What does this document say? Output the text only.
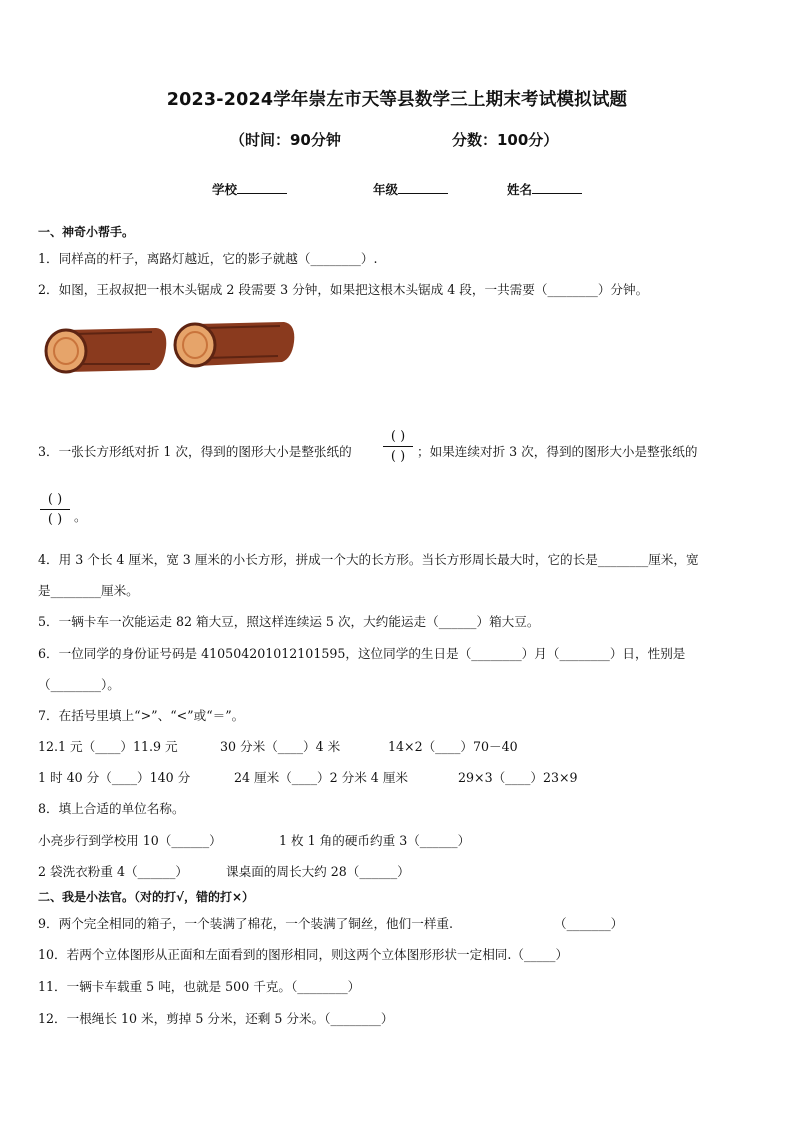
2023-2024学年崇左市天等县数学三上期末考试模拟试题
（时间：90分钟	分数：100分）
学校	年级	姓名
一、神奇小帮手。
1．同样高的杆子，离路灯越近，它的影子就越（________）.
2．如图，王叔叔把一根木头锯成 2 段需要 3 分钟，如果把这根木头锯成 4 段，一共需要（________）分钟。
3．一张长方形纸对折 1 次，得到的图形大小是整张纸的
( )
( ) ；如果连续对折 3 次，得到的图形大小是整张纸的
( )
( ) 。
4．用 3 个长 4 厘米，宽 3 厘米的小长方形，拼成一个大的长方形。当长方形周长最大时，它的长是________厘米，宽
是________厘米。
5．一辆卡车一次能运走 82 箱大豆，照这样连续运 5 次，大约能运走（______）箱大豆。
6．一位同学的身份证号码是 410504201012101595，这位同学的生日是（________）月（________）日，性别是
（________）。
7．在括号里填上“>”、“<”或“＝”。
12.1 元（____）11.9 元	30 分米（____）4 米	14×2（____）70－40
1 时 40 分（____）140 分	24 厘米（____）2 分米 4 厘米	29×3（____）23×9
8．填上合适的单位名称。
小亮步行到学校用 10（______）	1 枚 1 角的硬币约重 3（______）
2 袋洗衣粉重 4（______）	课桌面的周长大约 28（______）
二、我是小法官。（对的打√，错的打×）
9．两个完全相同的箱子，一个装满了棉花，一个装满了铜丝，他们一样重.	（_______）
10．若两个立体图形从正面和左面看到的图形相同，则这两个立体图形形状一定相同.（_____）
11．一辆卡车载重 5 吨，也就是 500 千克。（________）
12．一根绳长 10 米，剪掉 5 分米，还剩 5 分米。（________）
